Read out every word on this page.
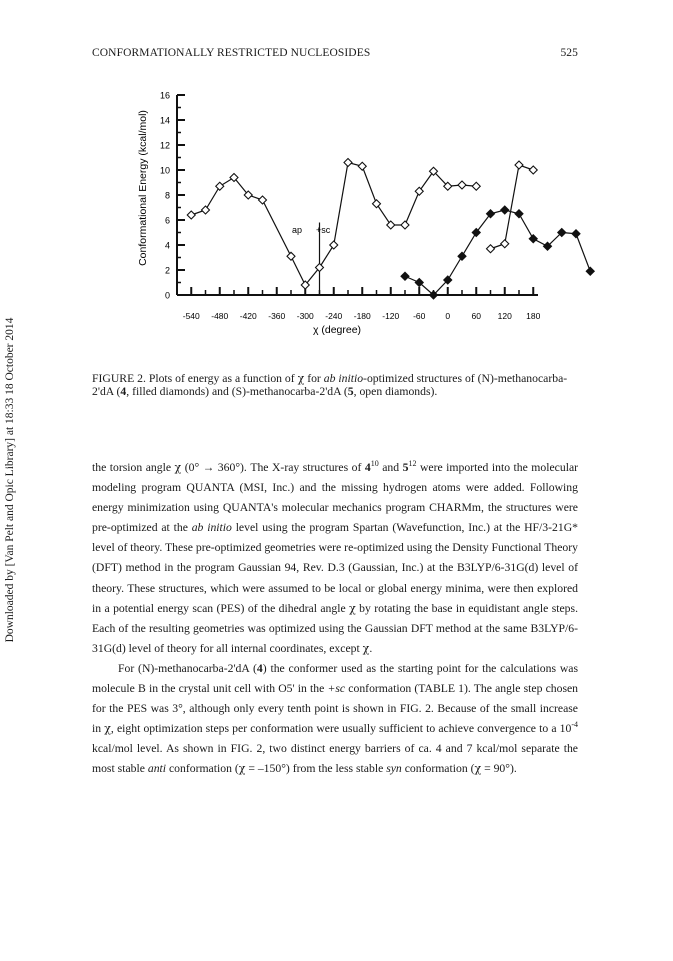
CONFORMATIONALLY RESTRICTED NUCLEOSIDES	525
Downloaded by [Van Pelt and Opic Library] at 18:33 18 October 2014
0
2
4
6
8
10
12
14
16
-540 -480 -420 -360 -300 -240 -180 -120 -60 0	60 120 180
Conformational Energy (kcal/mol)
χ (degree)
ap +sc
FIGURE 2. Plots of energy as a function of χ for ab initio-optimized structures of (N)-methanocarba-2'dA (4, filled diamonds) and (S)-methanocarba-2'dA (5, open diamonds).

the torsion angle χ (0° → 360°). The X-ray structures of $4^{10}$ and $5^{12}$ were imported into the molecular modeling program QUANTA (MSI, Inc.) and the missing hydrogen atoms were added. Following energy minimization using QUANTA's molecular mechanics program CHARMm, the structures were pre-optimized at the ab initio level using the program Spartan (Wavefunction, Inc.) at the HF/3-21G* level of theory. These pre-optimized geometries were re-optimized using the Density Functional Theory (DFT) method in the program Gaussian 94, Rev. D.3 (Gaussian, Inc.) at the B3LYP/6-31G(d) level of theory. These structures, which were assumed to be local or global energy minima, were then explored in a potential energy scan (PES) of the dihedral angle χ by rotating the base in equidistant angle steps. Each of the resulting geometries was optimized using the Gaussian DFT method at the same B3LYP/6-31G(d) level of theory for all internal coordinates, except χ.

For (N)-methanocarba-2'dA (4) the conformer used as the starting point for the calculations was molecule B in the crystal unit cell with O5' in the +sc conformation (TABLE 1). The angle step chosen for the PES was 3°, although only every tenth point is shown in FIG. 2. Because of the small increase in χ, eight optimization steps per conformation were usually sufficient to achieve convergence to a $10^{-4}$ kcal/mol level. As shown in FIG. 2, two distinct energy barriers of ca. 4 and 7 kcal/mol separate the most stable anti conformation (χ = –150°) from the less stable syn conformation (χ = 90°).
